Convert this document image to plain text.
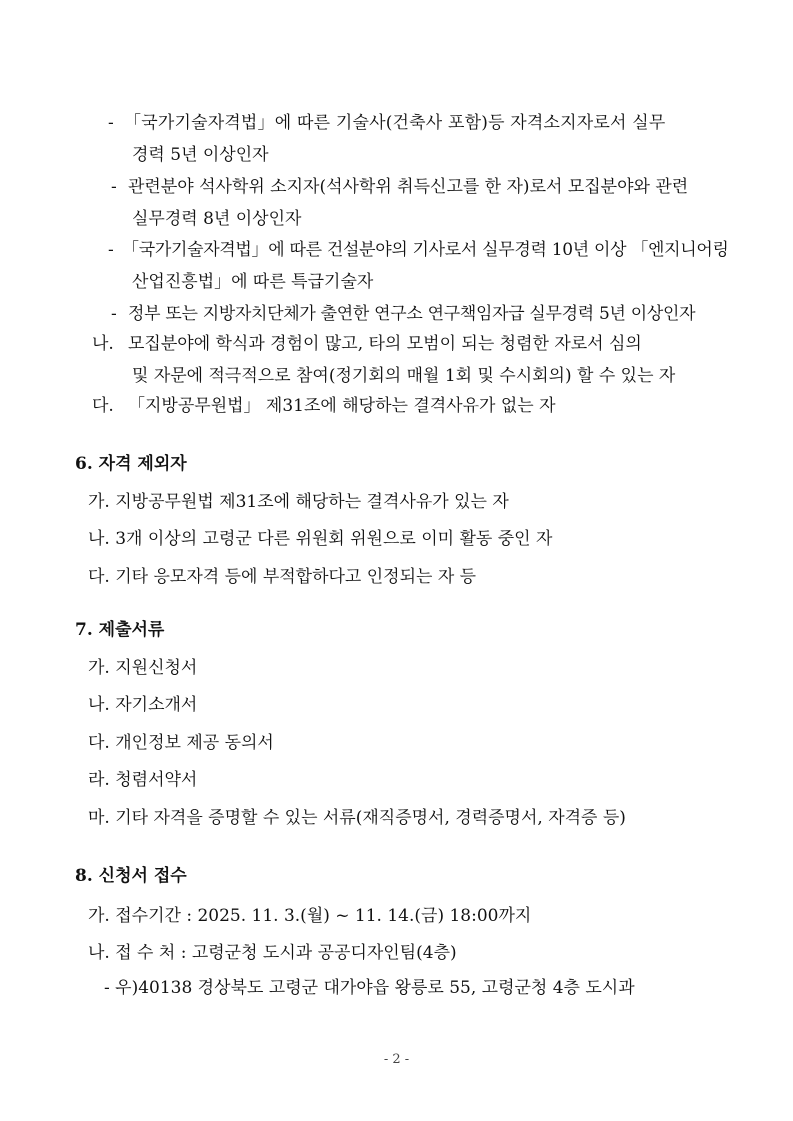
- 「국가기술자격법」에 따른 기술사(건축사 포함)등 자격소지자로서 실무
경력 5년 이상인자
- 관련분야 석사학위 소지자(석사학위 취득신고를 한 자)로서 모집분야와 관련
실무경력 8년 이상인자
- 「국가기술자격법」에 따른 건설분야의 기사로서 실무경력 10년 이상 「엔지니어링
산업진흥법」에 따른 특급기술자
- 정부 또는 지방자치단체가 출연한 연구소 연구책임자급 실무경력 5년 이상인자
나. 모집분야에 학식과 경험이 많고, 타의 모범이 되는 청렴한 자로서 심의
및 자문에 적극적으로 참여(정기회의 매월 1회 및 수시회의) 할 수 있는 자
다. 「지방공무원법」 제31조에 해당하는 결격사유가 없는 자
6. 자격 제외자
가. 지방공무원법 제31조에 해당하는 결격사유가 있는 자
나. 3개 이상의 고령군 다른 위원회 위원으로 이미 활동 중인 자
다. 기타 응모자격 등에 부적합하다고 인정되는 자 등
7. 제출서류
가. 지원신청서
나. 자기소개서
다. 개인정보 제공 동의서
라. 청렴서약서
마. 기타 자격을 증명할 수 있는 서류(재직증명서, 경력증명서, 자격증 등)
8. 신청서 접수
가. 접수기간 : 2025. 11. 3.(월) ~ 11. 14.(금) 18:00까지
나. 접 수 처 : 고령군청 도시과 공공디자인팀(4층)
- 우)40138 경상북도 고령군 대가야읍 왕릉로 55, 고령군청 4층 도시과
- 2 -
